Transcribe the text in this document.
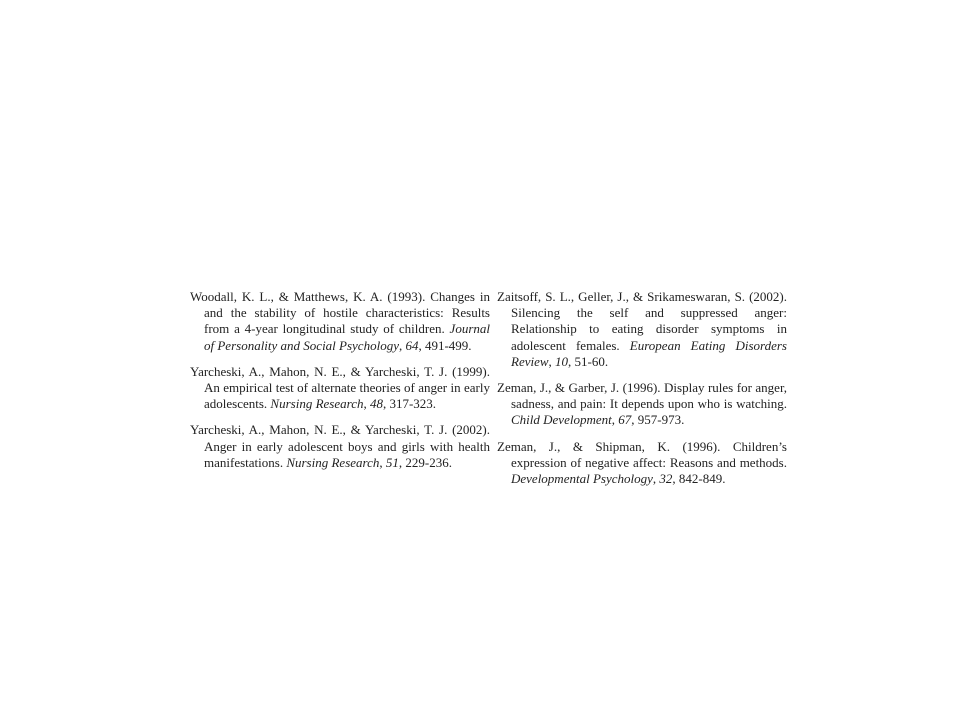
Woodall, K. L., & Matthews, K. A. (1993). Changes in and the stability of hostile characteristics: Results from a 4-year longitudinal study of children. Journal of Personality and Social Psychology, 64, 491-499.

Yarcheski, A., Mahon, N. E., & Yarcheski, T. J. (1999). An empirical test of alternate theories of anger in early adolescents. Nursing Research, 48, 317-323.

Yarcheski, A., Mahon, N. E., & Yarcheski, T. J. (2002). Anger in early adolescent boys and girls with health manifestations. Nursing Research, 51, 229-236.

Zaitsoff, S. L., Geller, J., & Srikameswaran, S. (2002). Silencing the self and suppressed anger: Relationship to eating disorder symptoms in adolescent females. European Eating Disorders Review, 10, 51-60.

Zeman, J., & Garber, J. (1996). Display rules for anger, sadness, and pain: It depends upon who is watching. Child Development, 67, 957-973.

Zeman, J., & Shipman, K. (1996). Children’s expression of negative affect: Reasons and methods. Developmental Psychology, 32, 842-849.
